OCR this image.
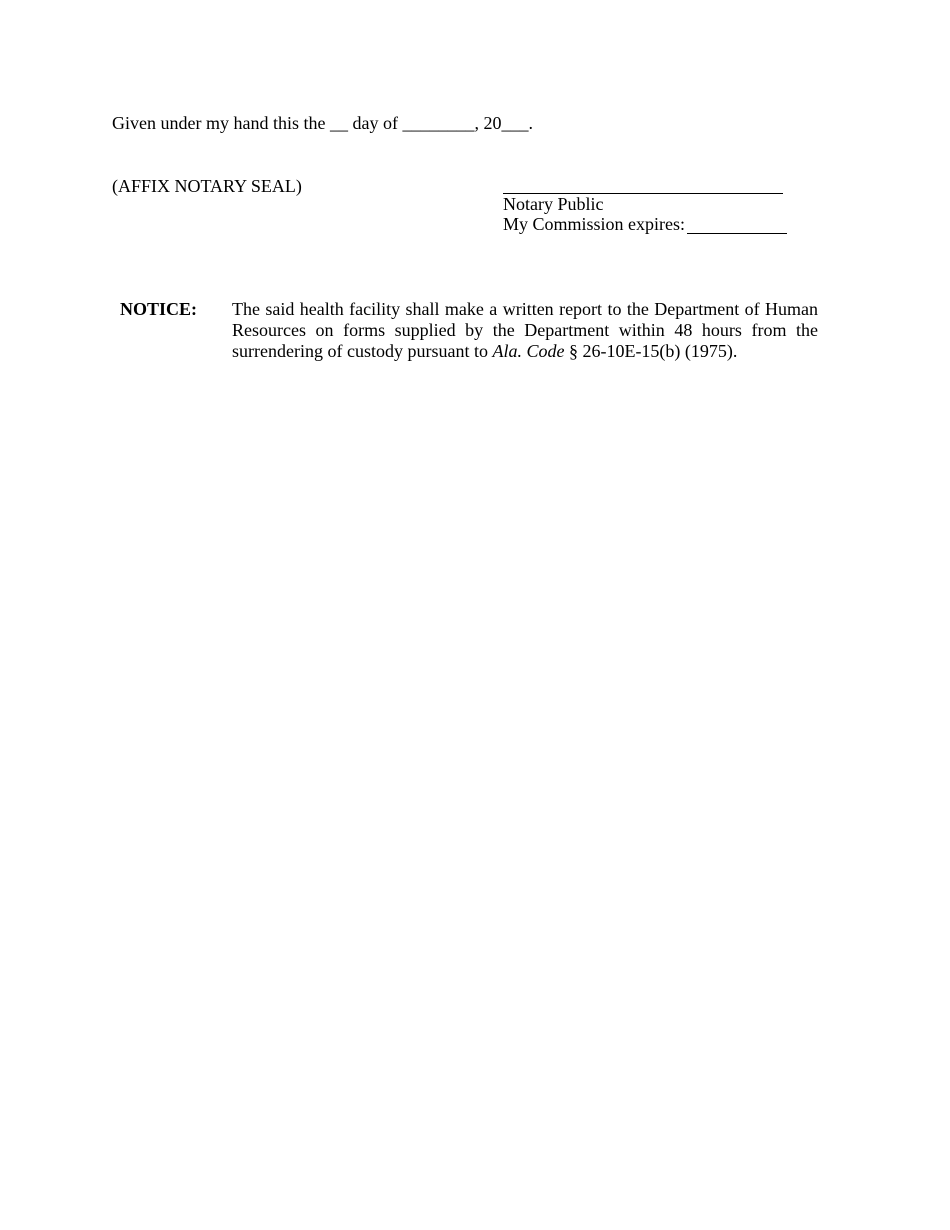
Given under my hand this the __ day of ________, 20___.
(AFFIX NOTARY SEAL)
Notary Public
My Commission expires:
NOTICE: The said health facility shall make a written report to the Department of Human Resources on forms supplied by the Department within 48 hours from the surrendering of custody pursuant to Ala. Code § 26-10E-15(b) (1975).
